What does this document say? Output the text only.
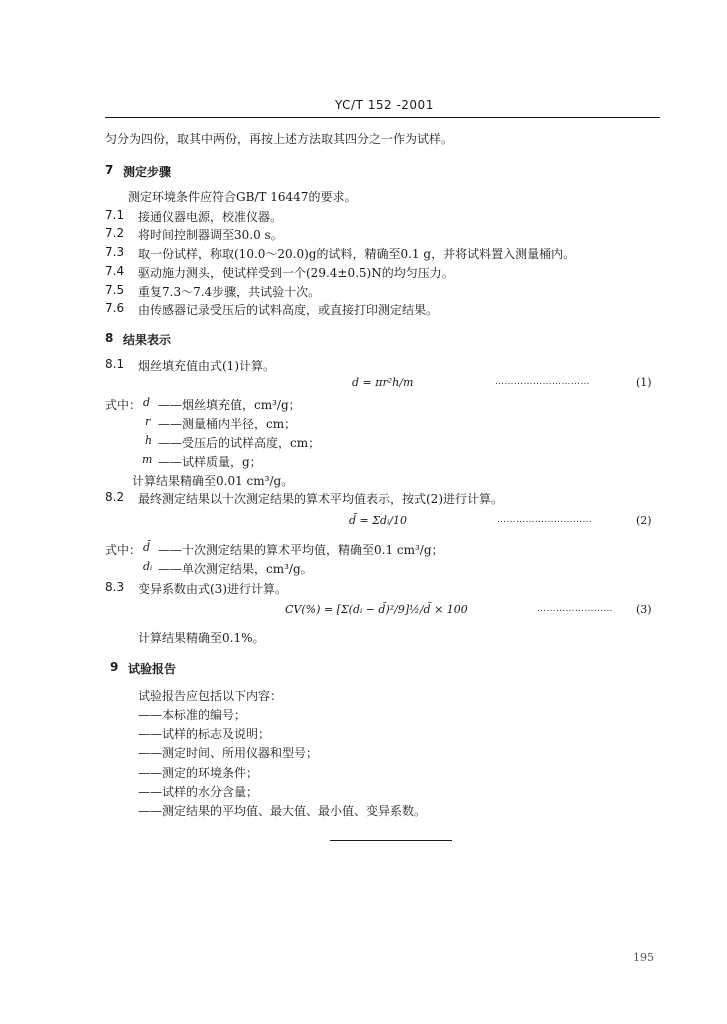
YC/T 152 -2001
匀分为四份，取其中两份，再按上述方法取其四分之一作为试样。
7 测定步骤
测定环境条件应符合GB/T 16447的要求。
7.1 接通仪器电源，校准仪器。
7.2 将时间控制器调至30.0 s。
7.3 取一份试样，称取(10.0～20.0)g的试料，精确至0.1 g，并将试料置入测量桶内。
7.4 驱动施力测头，使试样受到一个(29.4±0.5)N的均匀压力。
7.5 重复7.3～7.4步骤，共试验十次。
7.6 由传感器记录受压后的试料高度，或直接打印测定结果。
8 结果表示
8.1 烟丝填充值由式(1)计算。
d = πr²h/m	…………………………	(1)
式中： d ——烟丝填充值，cm³/g；
r ——测量桶内半径，cm；
h ——受压后的试样高度，cm；
m ——试样质量，g；
计算结果精确至0.01 cm³/g。
8.2 最终测定结果以十次测定结果的算术平均值表示，按式(2)进行计算。
d̄ = Σdᵢ/10	…………………………	(2)
式中： d̄ ——十次测定结果的算术平均值，精确至0.1 cm³/g；
dᵢ ——单次测定结果，cm³/g。
8.3 变异系数由式(3)进行计算。
CV(%) = [Σ(dᵢ − d̄)²/9]½/d̄ × 100	…………………… (3)
计算结果精确至0.1%。
9 试验报告
试验报告应包括以下内容：
——本标准的编号；
——试样的标志及说明；
——测定时间、所用仪器和型号；
——测定的环境条件；
——试样的水分含量；
——测定结果的平均值、最大值、最小值、变异系数。
195
